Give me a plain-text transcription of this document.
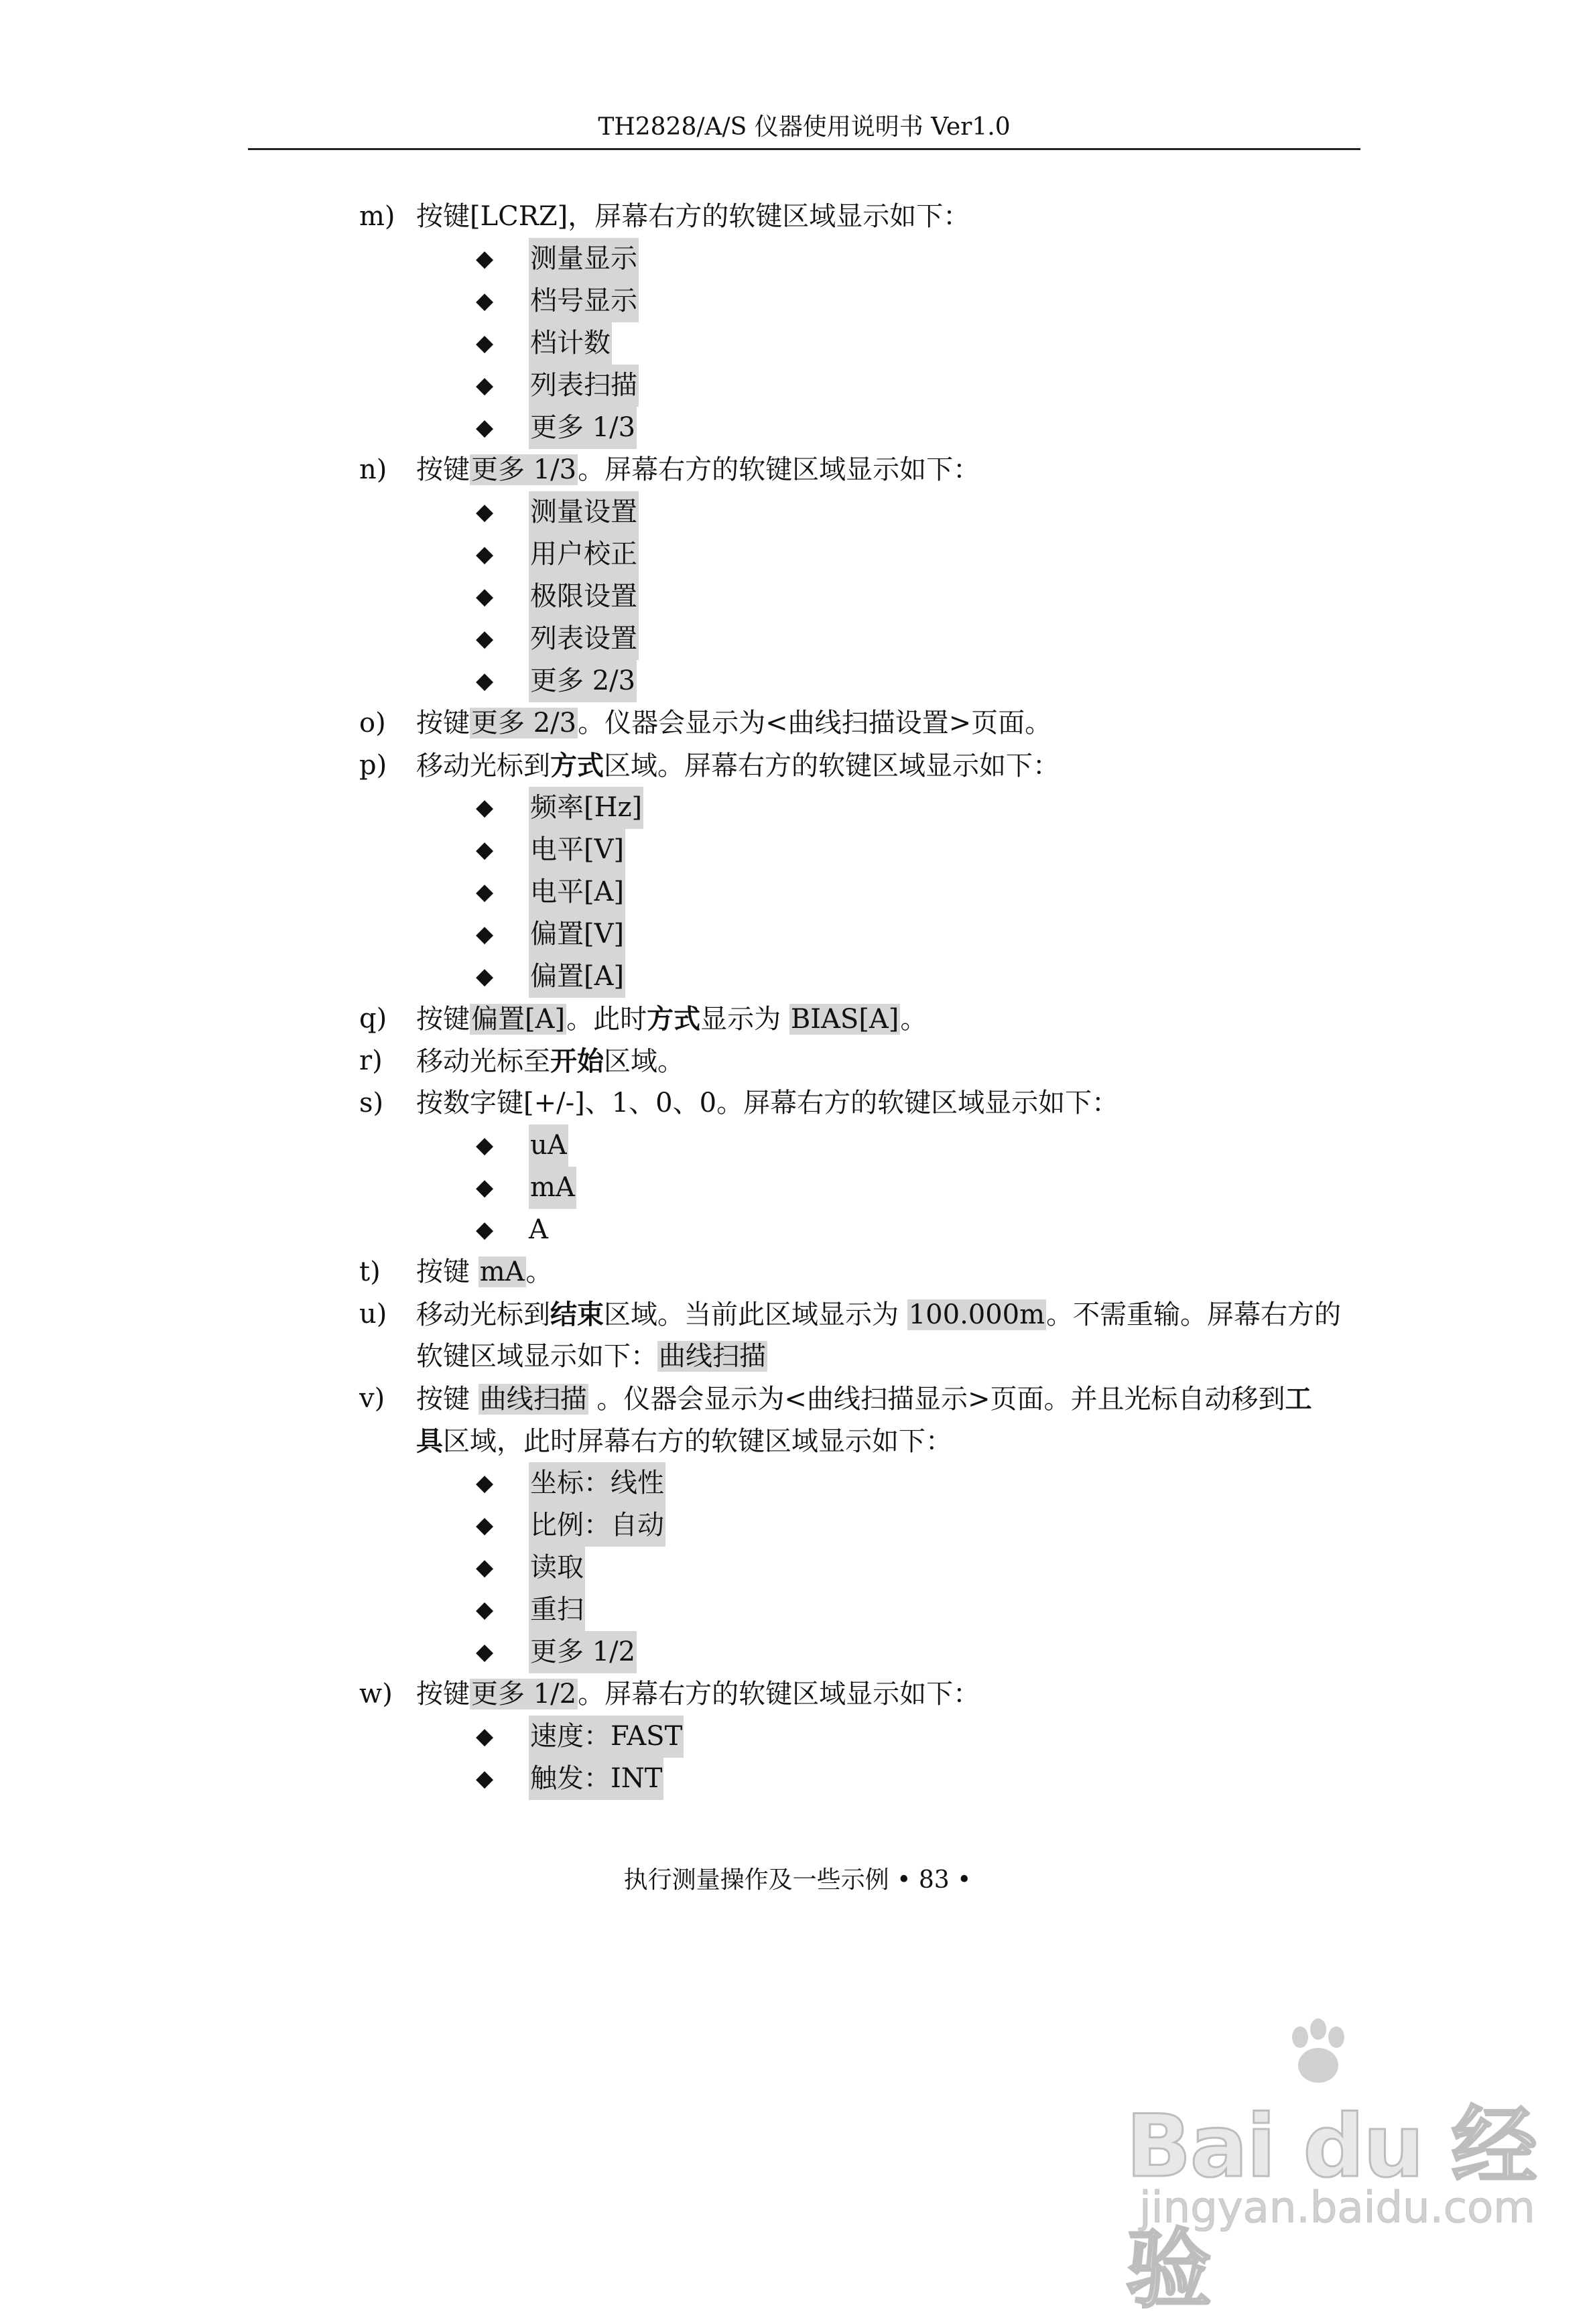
TH2828/A/S 仪器使用说明书 Ver1.0
m) 按键[LCRZ]，屏幕右方的软键区域显示如下：
◆ 测量显示
◆ 档号显示
◆ 档计数
◆ 列表扫描
◆ 更多 1/3
n) 按键更多 1/3。屏幕右方的软键区域显示如下：
◆ 测量设置
◆ 用户校正
◆ 极限设置
◆ 列表设置
◆ 更多 2/3
o) 按键更多 2/3。仪器会显示为<曲线扫描设置>页面。
p) 移动光标到方式区域。屏幕右方的软键区域显示如下：
◆ 频率[Hz]
◆ 电平[V]
◆ 电平[A]
◆ 偏置[V]
◆ 偏置[A]
q) 按键偏置[A]。此时方式显示为 BIAS[A]。
r) 移动光标至开始区域。
s) 按数字键[+/-]、1、0、0。屏幕右方的软键区域显示如下：
◆ uA
◆ mA
◆ A
t) 按键 mA。
u) 移动光标到结束区域。当前此区域显示为 100.000m。不需重输。屏幕右方的
软键区域显示如下：曲线扫描
v) 按键 曲线扫描 。仪器会显示为<曲线扫描显示>页面。并且光标自动移到工
具区域，此时屏幕右方的软键区域显示如下：
◆ 坐标：线性
◆ 比例：自动
◆ 读取
◆ 重扫
◆ 更多 1/2
w) 按键更多 1/2。屏幕右方的软键区域显示如下：
◆ 速度：FAST
◆ 触发：INT
执行测量操作及一些示例 • 83 •
Bai du 经验
jingyan.baidu.com
